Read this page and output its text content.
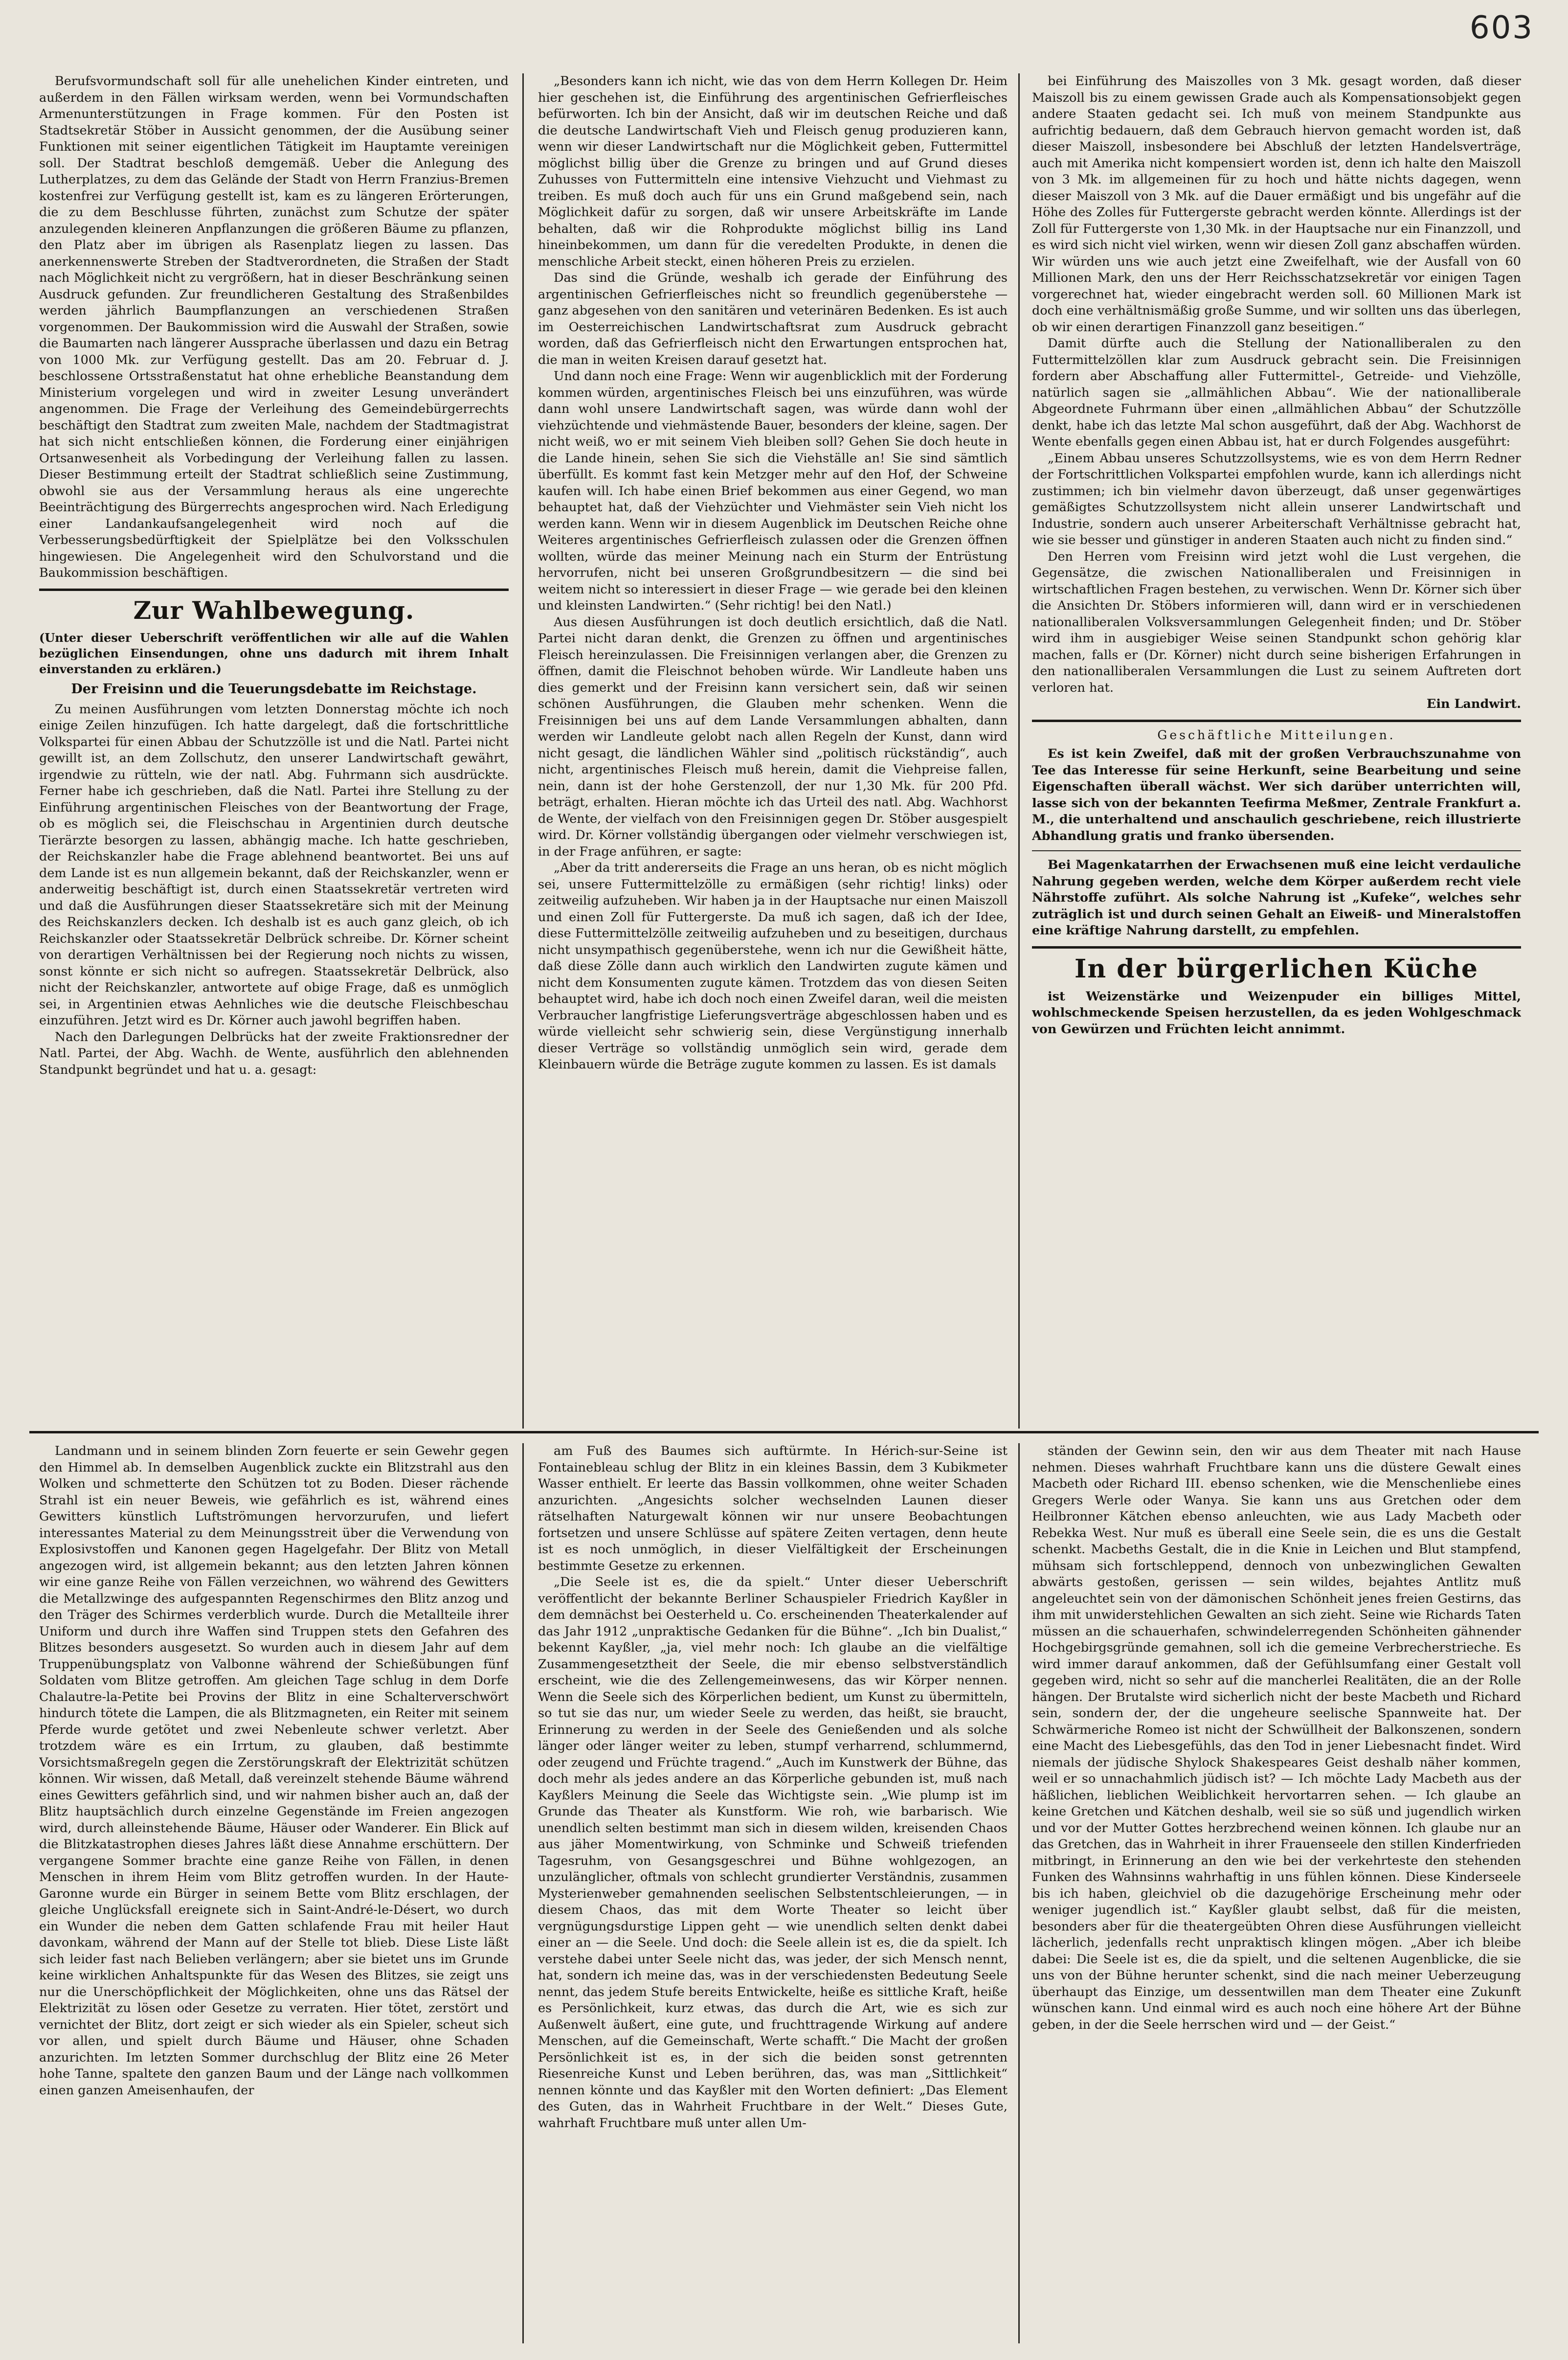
603

Berufsvormundschaft soll für alle unehelichen Kinder eintreten, und außerdem in den Fällen wirksam werden, wenn bei Vormundschaften Armenunterstützungen in Frage kommen. Für den Posten ist Stadtsekretär Stöber in Aussicht genommen, der die Ausübung seiner Funktionen mit seiner eigentlichen Tätigkeit im Hauptamte vereinigen soll. Der Stadtrat beschloß demgemäß. Ueber die Anlegung des Lutherplatzes, zu dem das Gelände der Stadt von Herrn Franzius-Bremen kostenfrei zur Verfügung gestellt ist, kam es zu längeren Erörterungen, die zu dem Beschlusse führten, zunächst zum Schutze der später anzulegenden kleineren Anpflanzungen die größeren Bäume zu pflanzen, den Platz aber im übrigen als Rasenplatz liegen zu lassen. Das anerkennenswerte Streben der Stadtverordneten, die Straßen der Stadt nach Möglichkeit nicht zu vergrößern, hat in dieser Beschränkung seinen Ausdruck gefunden. Zur freundlicheren Gestaltung des Straßenbildes werden jährlich Baumpflanzungen an verschiedenen Straßen vorgenommen. Der Baukommission wird die Auswahl der Straßen, sowie die Baumarten nach längerer Aussprache überlassen und dazu ein Betrag von 1000 Mk. zur Verfügung gestellt. Das am 20. Februar d. J. beschlossene Ortsstraßenstatut hat ohne erhebliche Beanstandung dem Ministerium vorgelegen und wird in zweiter Lesung unverändert angenommen. Die Frage der Verleihung des Gemeindebürgerrechts beschäftigt den Stadtrat zum zweiten Male, nachdem der Stadtmagistrat hat sich nicht entschließen können, die Forderung einer einjährigen Ortsanwesenheit als Vorbedingung der Verleihung fallen zu lassen. Dieser Bestimmung erteilt der Stadtrat schließlich seine Zustimmung, obwohl sie aus der Versammlung heraus als eine ungerechte Beeinträchtigung des Bürgerrechts angesprochen wird. Nach Erledigung einer Landankaufsangelegenheit wird noch auf die Verbesserungsbedürftigkeit der Spielplätze bei den Volksschulen hingewiesen. Die Angelegenheit wird den Schulvorstand und die Baukommission beschäftigen.

Zur Wahlbewegung.
(Unter dieser Ueberschrift veröffentlichen wir alle auf die Wahlen bezüglichen Einsendungen, ohne uns dadurch mit ihrem Inhalt einverstanden zu erklären.)
Der Freisinn und die Teuerungsdebatte im Reichstage.

Zu meinen Ausführungen vom letzten Donnerstag möchte ich noch einige Zeilen hinzufügen. Ich hatte dargelegt, daß die fortschrittliche Volkspartei für einen Abbau der Schutzzölle ist und die Natl. Partei nicht gewillt ist, an dem Zollschutz, den unserer Landwirtschaft gewährt, irgendwie zu rütteln, wie der natl. Abg. Fuhrmann sich ausdrückte. Ferner habe ich geschrieben, daß die Natl. Partei ihre Stellung zu der Einführung argentinischen Fleisches von der Beantwortung der Frage, ob es möglich sei, die Fleischschau in Argentinien durch deutsche Tierärzte besorgen zu lassen, abhängig mache. Ich hatte geschrieben, der Reichskanzler habe die Frage ablehnend beantwortet. Bei uns auf dem Lande ist es nun allgemein bekannt, daß der Reichskanzler, wenn er anderweitig beschäftigt ist, durch einen Staatssekretär vertreten wird und daß die Ausführungen dieser Staatssekretäre sich mit der Meinung des Reichskanzlers decken. Ich deshalb ist es auch ganz gleich, ob ich Reichskanzler oder Staatssekretär Delbrück schreibe. Dr. Körner scheint von derartigen Verhältnissen bei der Regierung noch nichts zu wissen, sonst könnte er sich nicht so aufregen. Staatssekretär Delbrück, also nicht der Reichskanzler, antwortete auf obige Frage, daß es unmöglich sei, in Argentinien etwas Aehnliches wie die deutsche Fleischbeschau einzuführen. Jetzt wird es Dr. Körner auch jawohl begriffen haben.

Nach den Darlegungen Delbrücks hat der zweite Fraktionsredner der Natl. Partei, der Abg. Wachh. de Wente, ausführlich den ablehnenden Standpunkt begründet und hat u. a. gesagt:

„Besonders kann ich nicht, wie das von dem Herrn Kollegen Dr. Heim hier geschehen ist, die Einführung des argentinischen Gefrierfleisches befürworten. Ich bin der Ansicht, daß wir im deutschen Reiche und daß die deutsche Landwirtschaft Vieh und Fleisch genug produzieren kann, wenn wir dieser Landwirtschaft nur die Möglichkeit geben, Futtermittel möglichst billig über die Grenze zu bringen und auf Grund dieses Zuhusses von Futtermitteln eine intensive Viehzucht und Viehmast zu treiben. Es muß doch auch für uns ein Grund maßgebend sein, nach Möglichkeit dafür zu sorgen, daß wir unsere Arbeitskräfte im Lande behalten, daß wir die Rohprodukte möglichst billig ins Land hineinbekommen, um dann für die veredelten Produkte, in denen die menschliche Arbeit steckt, einen höheren Preis zu erzielen.

Das sind die Gründe, weshalb ich gerade der Einführung des argentinischen Gefrierfleisches nicht so freundlich gegenüberstehe — ganz abgesehen von den sanitären und veterinären Bedenken. Es ist auch im Oesterreichischen Landwirtschaftsrat zum Ausdruck gebracht worden, daß das Gefrierfleisch nicht den Erwartungen entsprochen hat, die man in weiten Kreisen darauf gesetzt hat.

Und dann noch eine Frage: Wenn wir augenblicklich mit der Forderung kommen würden, argentinisches Fleisch bei uns einzuführen, was würde dann wohl unsere Landwirtschaft sagen, was würde dann wohl der viehzüchtende und viehmästende Bauer, besonders der kleine, sagen. Der nicht weiß, wo er mit seinem Vieh bleiben soll? Gehen Sie doch heute in die Lande hinein, sehen Sie sich die Viehställe an! Sie sind sämtlich überfüllt. Es kommt fast kein Metzger mehr auf den Hof, der Schweine kaufen will. Ich habe einen Brief bekommen aus einer Gegend, wo man behauptet hat, daß der Viehzüchter und Viehmäster sein Vieh nicht los werden kann. Wenn wir in diesem Augenblick im Deutschen Reiche ohne Weiteres argentinisches Gefrierfleisch zulassen oder die Grenzen öffnen wollten, würde das meiner Meinung nach ein Sturm der Entrüstung hervorrufen, nicht bei unseren Großgrundbesitzern — die sind bei weitem nicht so interessiert in dieser Frage — wie gerade bei den kleinen und kleinsten Landwirten.“ (Sehr richtig! bei den Natl.)

Aus diesen Ausführungen ist doch deutlich ersichtlich, daß die Natl. Partei nicht daran denkt, die Grenzen zu öffnen und argentinisches Fleisch hereinzulassen. Die Freisinnigen verlangen aber, die Grenzen zu öffnen, damit die Fleischnot behoben würde. Wir Landleute haben uns dies gemerkt und der Freisinn kann versichert sein, daß wir seinen schönen Ausführungen, die Glauben mehr schenken. Wenn die Freisinnigen bei uns auf dem Lande Versammlungen abhalten, dann werden wir Landleute gelobt nach allen Regeln der Kunst, dann wird nicht gesagt, die ländlichen Wähler sind „politisch rückständig“, auch nicht, argentinisches Fleisch muß herein, damit die Viehpreise fallen, nein, dann ist der hohe Gerstenzoll, der nur 1,30 Mk. für 200 Pfd. beträgt, erhalten. Hieran möchte ich das Urteil des natl. Abg. Wachhorst de Wente, der vielfach von den Freisinnigen gegen Dr. Stöber ausgespielt wird. Dr. Körner vollständig übergangen oder vielmehr verschwiegen ist, in der Frage anführen, er sagte:

„Aber da tritt andererseits die Frage an uns heran, ob es nicht möglich sei, unsere Futtermittelzölle zu ermäßigen (sehr richtig! links) oder zeitweilig aufzuheben. Wir haben ja in der Hauptsache nur einen Maiszoll und einen Zoll für Futtergerste. Da muß ich sagen, daß ich der Idee, diese Futtermittelzölle zeitweilig aufzuheben und zu beseitigen, durchaus nicht unsympathisch gegenüberstehe, wenn ich nur die Gewißheit hätte, daß diese Zölle dann auch wirklich den Landwirten zugute kämen und nicht dem Konsumenten zugute kämen. Trotzdem das von diesen Seiten behauptet wird, habe ich doch noch einen Zweifel daran, weil die meisten Verbraucher langfristige Lieferungsverträge abgeschlossen haben und es würde vielleicht sehr schwierig sein, diese Vergünstigung innerhalb dieser Verträge so vollständig unmöglich sein wird, gerade dem Kleinbauern würde die Beträge zugute kommen zu lassen. Es ist damals

bei Einführung des Maiszolles von 3 Mk. gesagt worden, daß dieser Maiszoll bis zu einem gewissen Grade auch als Kompensationsobjekt gegen andere Staaten gedacht sei. Ich muß von meinem Standpunkte aus aufrichtig bedauern, daß dem Gebrauch hiervon gemacht worden ist, daß dieser Maiszoll, insbesondere bei Abschluß der letzten Handelsverträge, auch mit Amerika nicht kompensiert worden ist, denn ich halte den Maiszoll von 3 Mk. im allgemeinen für zu hoch und hätte nichts dagegen, wenn dieser Maiszoll von 3 Mk. auf die Dauer ermäßigt und bis ungefähr auf die Höhe des Zolles für Futtergerste gebracht werden könnte. Allerdings ist der Zoll für Futtergerste von 1,30 Mk. in der Hauptsache nur ein Finanzzoll, und es wird sich nicht viel wirken, wenn wir diesen Zoll ganz abschaffen würden. Wir würden uns wie auch jetzt eine Zweifelhaft, wie der Ausfall von 60 Millionen Mark, den uns der Herr Reichsschatzsekretär vor einigen Tagen vorgerechnet hat, wieder eingebracht werden soll. 60 Millionen Mark ist doch eine verhältnismäßig große Summe, und wir sollten uns das überlegen, ob wir einen derartigen Finanzzoll ganz beseitigen.“

Damit dürfte auch die Stellung der Nationalliberalen zu den Futtermittelzöllen klar zum Ausdruck gebracht sein. Die Freisinnigen fordern aber Abschaffung aller Futtermittel-, Getreide- und Viehzölle, natürlich sagen sie „allmählichen Abbau“. Wie der nationalliberale Abgeordnete Fuhrmann über einen „allmählichen Abbau“ der Schutzzölle denkt, habe ich das letzte Mal schon ausgeführt, daß der Abg. Wachhorst de Wente ebenfalls gegen einen Abbau ist, hat er durch Folgendes ausgeführt:

„Einem Abbau unseres Schutzzollsystems, wie es von dem Herrn Redner der Fortschrittlichen Volkspartei empfohlen wurde, kann ich allerdings nicht zustimmen; ich bin vielmehr davon überzeugt, daß unser gegenwärtiges gemäßigtes Schutzzollsystem nicht allein unserer Landwirtschaft und Industrie, sondern auch unserer Arbeiterschaft Verhältnisse gebracht hat, wie sie besser und günstiger in anderen Staaten auch nicht zu finden sind.“

Den Herren vom Freisinn wird jetzt wohl die Lust vergehen, die Gegensätze, die zwischen Nationalliberalen und Freisinnigen in wirtschaftlichen Fragen bestehen, zu verwischen. Wenn Dr. Körner sich über die Ansichten Dr. Stöbers informieren will, dann wird er in verschiedenen nationalliberalen Volksversammlungen Gelegenheit finden; und Dr. Stöber wird ihm in ausgiebiger Weise seinen Standpunkt schon gehörig klar machen, falls er (Dr. Körner) nicht durch seine bisherigen Erfahrungen in den nationalliberalen Versammlungen die Lust zu seinem Auftreten dort verloren hat.

Ein Landwirt.
Geschäftliche Mitteilungen.

Es ist kein Zweifel, daß mit der großen Verbrauchszunahme von Tee das Interesse für seine Herkunft, seine Bearbeitung und seine Eigenschaften überall wächst. Wer sich darüber unterrichten will, lasse sich von der bekannten Teefirma Meßmer, Zentrale Frankfurt a. M., die unterhaltend und anschaulich geschriebene, reich illustrierte Abhandlung gratis und franko übersenden.

Bei Magenkatarrhen der Erwachsenen muß eine leicht verdauliche Nahrung gegeben werden, welche dem Körper außerdem recht viele Nährstoffe zuführt. Als solche Nahrung ist „Kufeke“, welches sehr zuträglich ist und durch seinen Gehalt an Eiweiß- und Mineralstoffen eine kräftige Nahrung darstellt, zu empfehlen.

In der bürgerlichen Küche

ist Weizenstärke und Weizenpuder ein billiges Mittel, wohlschmeckende Speisen herzustellen, da es jeden Wohlgeschmack von Gewürzen und Früchten leicht annimmt.

Landmann und in seinem blinden Zorn feuerte er sein Gewehr gegen den Himmel ab. In demselben Augenblick zuckte ein Blitzstrahl aus den Wolken und schmetterte den Schützen tot zu Boden. Dieser rächende Strahl ist ein neuer Beweis, wie gefährlich es ist, während eines Gewitters künstlich Luftströmungen hervorzurufen, und liefert interessantes Material zu dem Meinungsstreit über die Verwendung von Explosivstoffen und Kanonen gegen Hagelgefahr. Der Blitz von Metall angezogen wird, ist allgemein bekannt; aus den letzten Jahren können wir eine ganze Reihe von Fällen verzeichnen, wo während des Gewitters die Metallzwinge des aufgespannten Regenschirmes den Blitz anzog und den Träger des Schirmes verderblich wurde. Durch die Metallteile ihrer Uniform und durch ihre Waffen sind Truppen stets den Gefahren des Blitzes besonders ausgesetzt. So wurden auch in diesem Jahr auf dem Truppenübungsplatz von Valbonne während der Schießübungen fünf Soldaten vom Blitze getroffen. Am gleichen Tage schlug in dem Dorfe Chalautre-la-Petite bei Provins der Blitz in eine Schalterverschwört hindurch tötete die Lampen, die als Blitzmagneten, ein Reiter mit seinem Pferde wurde getötet und zwei Nebenleute schwer verletzt. Aber trotzdem wäre es ein Irrtum, zu glauben, daß bestimmte Vorsichtsmaßregeln gegen die Zerstörungskraft der Elektrizität schützen können. Wir wissen, daß Metall, daß vereinzelt stehende Bäume während eines Gewitters gefährlich sind, und wir nahmen bisher auch an, daß der Blitz hauptsächlich durch einzelne Gegenstände im Freien angezogen wird, durch alleinstehende Bäume, Häuser oder Wanderer. Ein Blick auf die Blitzkatastrophen dieses Jahres läßt diese Annahme erschüttern. Der vergangene Sommer brachte eine ganze Reihe von Fällen, in denen Menschen in ihrem Heim vom Blitz getroffen wurden. In der Haute-Garonne wurde ein Bürger in seinem Bette vom Blitz erschlagen, der gleiche Unglücksfall ereignete sich in Saint-André-le-Désert, wo durch ein Wunder die neben dem Gatten schlafende Frau mit heiler Haut davonkam, während der Mann auf der Stelle tot blieb. Diese Liste läßt sich leider fast nach Belieben verlängern; aber sie bietet uns im Grunde keine wirklichen Anhaltspunkte für das Wesen des Blitzes, sie zeigt uns nur die Unerschöpflichkeit der Möglichkeiten, ohne uns das Rätsel der Elektrizität zu lösen oder Gesetze zu verraten. Hier tötet, zerstört und vernichtet der Blitz, dort zeigt er sich wieder als ein Spieler, scheut sich vor allen, und spielt durch Bäume und Häuser, ohne Schaden anzurichten. Im letzten Sommer durchschlug der Blitz eine 26 Meter hohe Tanne, spaltete den ganzen Baum und der Länge nach vollkommen einen ganzen Ameisenhaufen, der

am Fuß des Baumes sich auftürmte. In Hérich-sur-Seine ist Fontainebleau schlug der Blitz in ein kleines Bassin, dem 3 Kubikmeter Wasser enthielt. Er leerte das Bassin vollkommen, ohne weiter Schaden anzurichten. „Angesichts solcher wechselnden Launen dieser rätselhaften Naturgewalt können wir nur unsere Beobachtungen fortsetzen und unsere Schlüsse auf spätere Zeiten vertagen, denn heute ist es noch unmöglich, in dieser Vielfältigkeit der Erscheinungen bestimmte Gesetze zu erkennen.

„Die Seele ist es, die da spielt.“ Unter dieser Ueberschrift veröffentlicht der bekannte Berliner Schauspieler Friedrich Kayßler in dem demnächst bei Oesterheld u. Co. erscheinenden Theaterkalender auf das Jahr 1912 „unpraktische Gedanken für die Bühne“. „Ich bin Dualist,“ bekennt Kayßler, „ja, viel mehr noch: Ich glaube an die vielfältige Zusammengesetztheit der Seele, die mir ebenso selbstverständlich erscheint, wie die des Zellengemeinwesens, das wir Körper nennen. Wenn die Seele sich des Körperlichen bedient, um Kunst zu übermitteln, so tut sie das nur, um wieder Seele zu werden, das heißt, sie braucht, Erinnerung zu werden in der Seele des Genießenden und als solche länger oder länger weiter zu leben, stumpf verharrend, schlummernd, oder zeugend und Früchte tragend.“ „Auch im Kunstwerk der Bühne, das doch mehr als jedes andere an das Körperliche gebunden ist, muß nach Kayßlers Meinung die Seele das Wichtigste sein. „Wie plump ist im Grunde das Theater als Kunstform. Wie roh, wie barbarisch. Wie unendlich selten bestimmt man sich in diesem wilden, kreisenden Chaos aus jäher Momentwirkung, von Schminke und Schweiß triefenden Tagesruhm, von Gesangsgeschrei und Bühne wohlgezogen, an unzulänglicher, oftmals von schlecht grundierter Verständnis, zusammen Mysterienweber gemahnenden seelischen Selbstentschleierungen, — in diesem Chaos, das mit dem Worte Theater so leicht über vergnügungsdurstige Lippen geht — wie unendlich selten denkt dabei einer an — die Seele. Und doch: die Seele allein ist es, die da spielt. Ich verstehe dabei unter Seele nicht das, was jeder, der sich Mensch nennt, hat, sondern ich meine das, was in der verschiedensten Bedeutung Seele nennt, das jedem Stufe bereits Entwickelte, heiße es sittliche Kraft, heiße es Persönlichkeit, kurz etwas, das durch die Art, wie es sich zur Außenwelt äußert, eine gute, und fruchttragende Wirkung auf andere Menschen, auf die Gemeinschaft, Werte schafft.“ Die Macht der großen Persönlichkeit ist es, in der sich die beiden sonst getrennten Riesenreiche Kunst und Leben berühren, das, was man „Sittlichkeit“ nennen könnte und das Kayßler mit den Worten definiert: „Das Element des Guten, das in Wahrheit Fruchtbare in der Welt.“ Dieses Gute, wahrhaft Fruchtbare muß unter allen Um-

ständen der Gewinn sein, den wir aus dem Theater mit nach Hause nehmen. Dieses wahrhaft Fruchtbare kann uns die düstere Gewalt eines Macbeth oder Richard III. ebenso schenken, wie die Menschenliebe eines Gregers Werle oder Wanya. Sie kann uns aus Gretchen oder dem Heilbronner Kätchen ebenso anleuchten, wie aus Lady Macbeth oder Rebekka West. Nur muß es überall eine Seele sein, die es uns die Gestalt schenkt. Macbeths Gestalt, die in die Knie in Leichen und Blut stampfend, mühsam sich fortschleppend, dennoch von unbezwinglichen Gewalten abwärts gestoßen, gerissen — sein wildes, bejahtes Antlitz muß angeleuchtet sein von der dämonischen Schönheit jenes freien Gestirns, das ihm mit unwiderstehlichen Gewalten an sich zieht. Seine wie Richards Taten müssen an die schauerhafen, schwindelerregenden Schönheiten gähnender Hochgebirgsgründe gemahnen, soll ich die gemeine Verbrecherstrieche. Es wird immer darauf ankommen, daß der Gefühlsumfang einer Gestalt voll gegeben wird, nicht so sehr auf die mancherlei Realitäten, die an der Rolle hängen. Der Brutalste wird sicherlich nicht der beste Macbeth und Richard sein, sondern der, der die ungeheure seelische Spannweite hat. Der Schwärmeriche Romeo ist nicht der Schwüllheit der Balkonszenen, sondern eine Macht des Liebesgefühls, das den Tod in jener Liebesnacht findet. Wird niemals der jüdische Shylock Shakespeares Geist deshalb näher kommen, weil er so unnachahmlich jüdisch ist? — Ich möchte Lady Macbeth aus der häßlichen, lieblichen Weiblichkeit hervortarren sehen. — Ich glaube an keine Gretchen und Kätchen deshalb, weil sie so süß und jugendlich wirken und vor der Mutter Gottes herzbrechend weinen können. Ich glaube nur an das Gretchen, das in Wahrheit in ihrer Frauenseele den stillen Kinderfrieden mitbringt, in Erinnerung an den wie bei der verkehrteste den stehenden Funken des Wahnsinns wahrhaftig in uns fühlen können. Diese Kinderseele bis ich haben, gleichviel ob die dazugehörige Erscheinung mehr oder weniger jugendlich ist.“ Kayßler glaubt selbst, daß für die meisten, besonders aber für die theatergeübten Ohren diese Ausführungen vielleicht lächerlich, jedenfalls recht unpraktisch klingen mögen. „Aber ich bleibe dabei: Die Seele ist es, die da spielt, und die seltenen Augenblicke, die sie uns von der Bühne herunter schenkt, sind die nach meiner Ueberzeugung überhaupt das Einzige, um dessentwillen man dem Theater eine Zukunft wünschen kann. Und einmal wird es auch noch eine höhere Art der Bühne geben, in der die Seele herrschen wird und — der Geist.“
